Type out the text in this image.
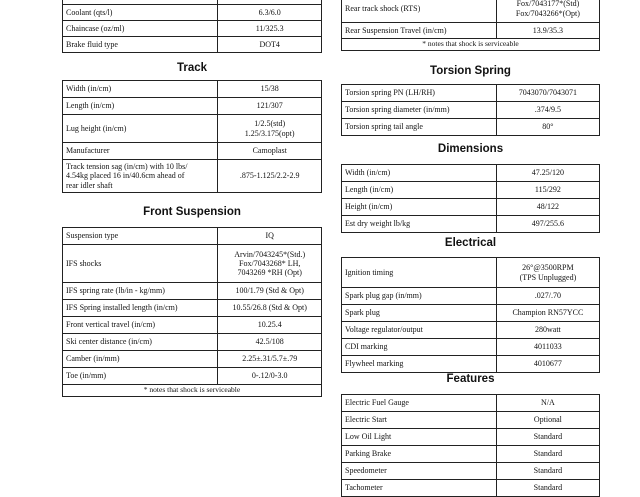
Coolant (qts/l)	6.3/6.0
Chaincase (oz/ml)	11/325.3
Brake fluid type	DOT4
Track
Width (in/cm)	15/38
Length (in/cm)	121/307
Lug height (in/cm)	1/2.5(std)
1.25/3.175(opt)
Manufacturer	Camoplast
Track tension sag (in/cm) with 10 lbs/
4.54kg placed 16 in/40.6cm ahead of
rear idler shaft	.875-1.125/2.2-2.9
Front Suspension
Suspension type	IQ
IFS shocks	Arvin/7043245*(Std.)
Fox/7043268* LH,
7043269 *RH (Opt)
IFS spring rate (lb/in - kg/mm)	100/1.79 (Std & Opt)
IFS Spring installed length (in/cm)	10.55/26.8 (Std & Opt)
Front vertical travel (in/cm)	10.25.4
Ski center distance (in/cm)	42.5/108
Camber (in/mm)	2.25±.31/5.7±.79
Toe (in/mm)	0-.12/0-3.0
* notes that shock is serviceable	
Rear track shock (RTS)	Fox/7043177*(Std)
Fox/7043266*(Opt)
Rear Suspension Travel (in/cm)	13.9/35.3
* notes that shock is serviceable	
Torsion Spring
Torsion spring PN (LH/RH)	7043070/7043071
Torsion spring diameter (in/mm)	.374/9.5
Torsion spring tail angle	80°
Dimensions
Width (in/cm)	47.25/120
Length (in/cm)	115/292
Height (in/cm)	48/122
Est dry weight lb/kg	497/255.6
Electrical
Ignition timing	26°@3500RPM
(TPS Unplugged)
Spark plug gap (in/mm)	.027/.70
Spark plug	Champion RN57YCC
Voltage regulator/output	280watt
CDI marking	4011033
Flywheel marking	4010677
Features
Electric Fuel Gauge	N/A
Electric Start	Optional
Low Oil Light	Standard
Parking Brake	Standard
Speedometer	Standard
Tachometer	Standard
